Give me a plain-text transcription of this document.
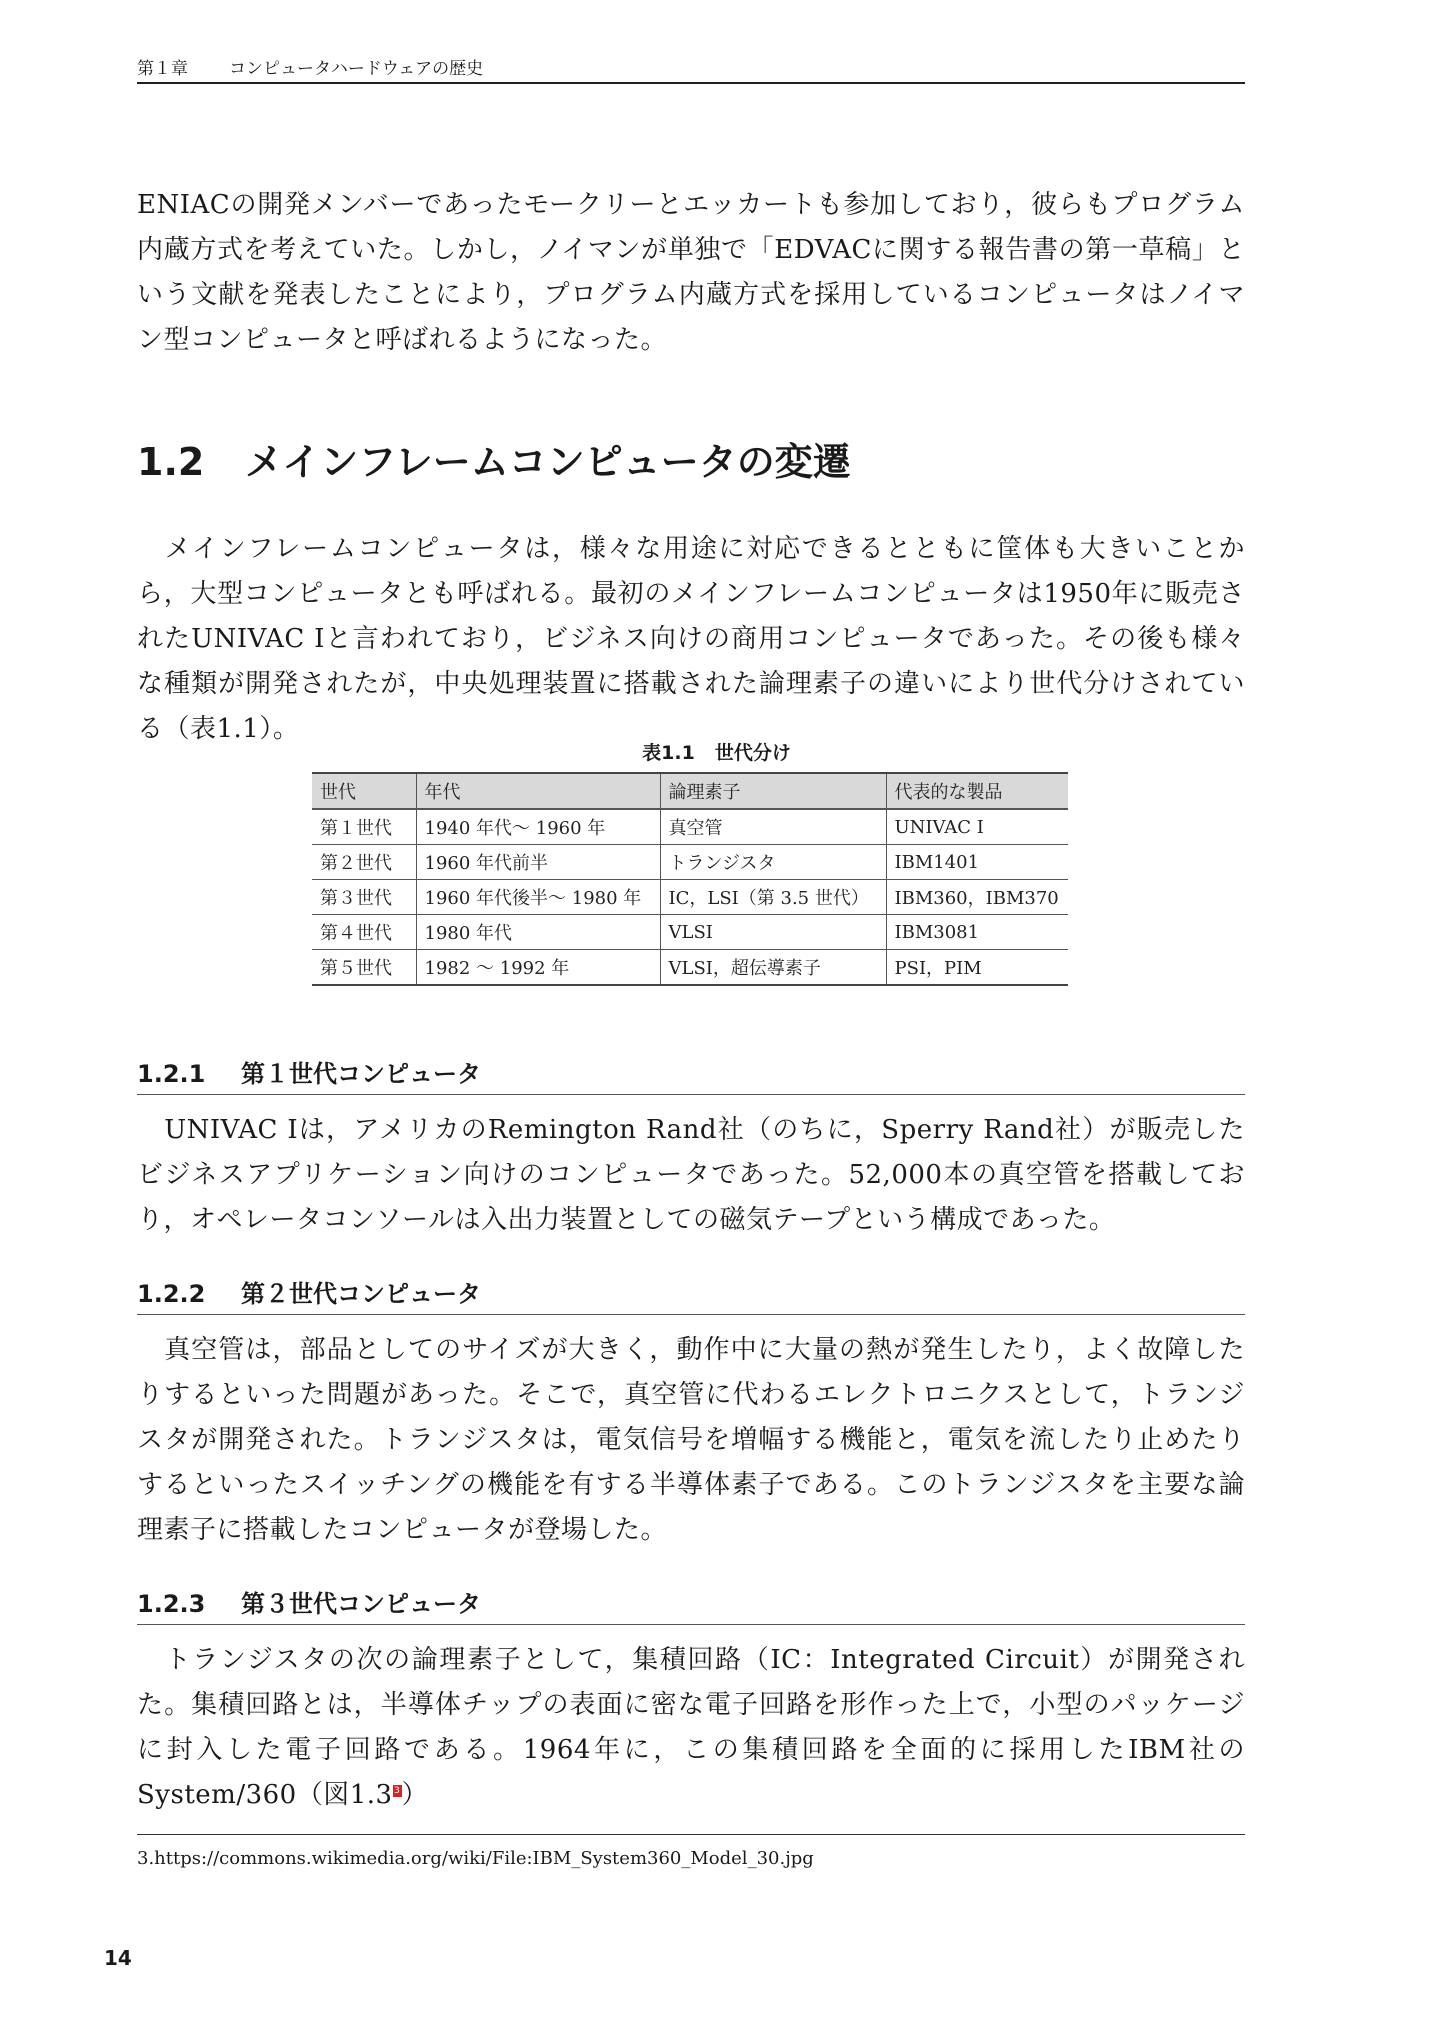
第１章 コンピュータハードウェアの歴史

ENIACの開発メンバーであったモークリーとエッカートも参加しており，彼らもプログラム内蔵方式を考えていた。しかし，ノイマンが単独で「EDVACに関する報告書の第一草稿」という文献を発表したことにより，プログラム内蔵方式を採用しているコンピュータはノイマン型コンピュータと呼ばれるようになった。

1.2 メインフレームコンピュータの変遷

　メインフレームコンピュータは，様々な用途に対応できるとともに筐体も大きいことから，大型コンピュータとも呼ばれる。最初のメインフレームコンピュータは1950年に販売されたUNIVAC Ⅰと言われており，ビジネス向けの商用コンピュータであった。その後も様々な種類が開発されたが，中央処理装置に搭載された論理素子の違いにより世代分けされている（表1.1）。

表1.1 世代分け
世代	年代	論理素子	代表的な製品
第１世代	1940 年代～ 1960 年	真空管	UNIVAC Ⅰ
第２世代	1960 年代前半	トランジスタ	IBM1401
第３世代	1960 年代後半～ 1980 年	IC，LSI（第 3.5 世代）	IBM360，IBM370
第４世代	1980 年代	VLSI	IBM3081
第５世代	1982 ～ 1992 年	VLSI，超伝導素子	PSI，PIM
1.2.1 第１世代コンピュータ

　UNIVAC Ⅰは，アメリカのRemington Rand社（のちに，Sperry Rand社）が販売したビジネスアプリケーション向けのコンピュータであった。52,000本の真空管を搭載しており，オペレータコンソールは入出力装置としての磁気テープという構成であった。

1.2.2 第２世代コンピュータ

　真空管は，部品としてのサイズが大きく，動作中に大量の熱が発生したり，よく故障したりするといった問題があった。そこで，真空管に代わるエレクトロニクスとして，トランジスタが開発された。トランジスタは，電気信号を増幅する機能と，電気を流したり止めたりするといったスイッチングの機能を有する半導体素子である。このトランジスタを主要な論理素子に搭載したコンピュータが登場した。

1.2.3 第３世代コンピュータ

　トランジスタの次の論理素子として，集積回路（IC：Integrated Circuit）が開発された。集積回路とは，半導体チップの表面に密な電子回路を形作った上で，小型のパッケージに封入した電子回路である。1964年に，この集積回路を全面的に採用したIBM社のSystem/360（図1.33）

3.https://commons.wikimedia.org/wiki/File:IBM_System360_Model_30.jpg
14
